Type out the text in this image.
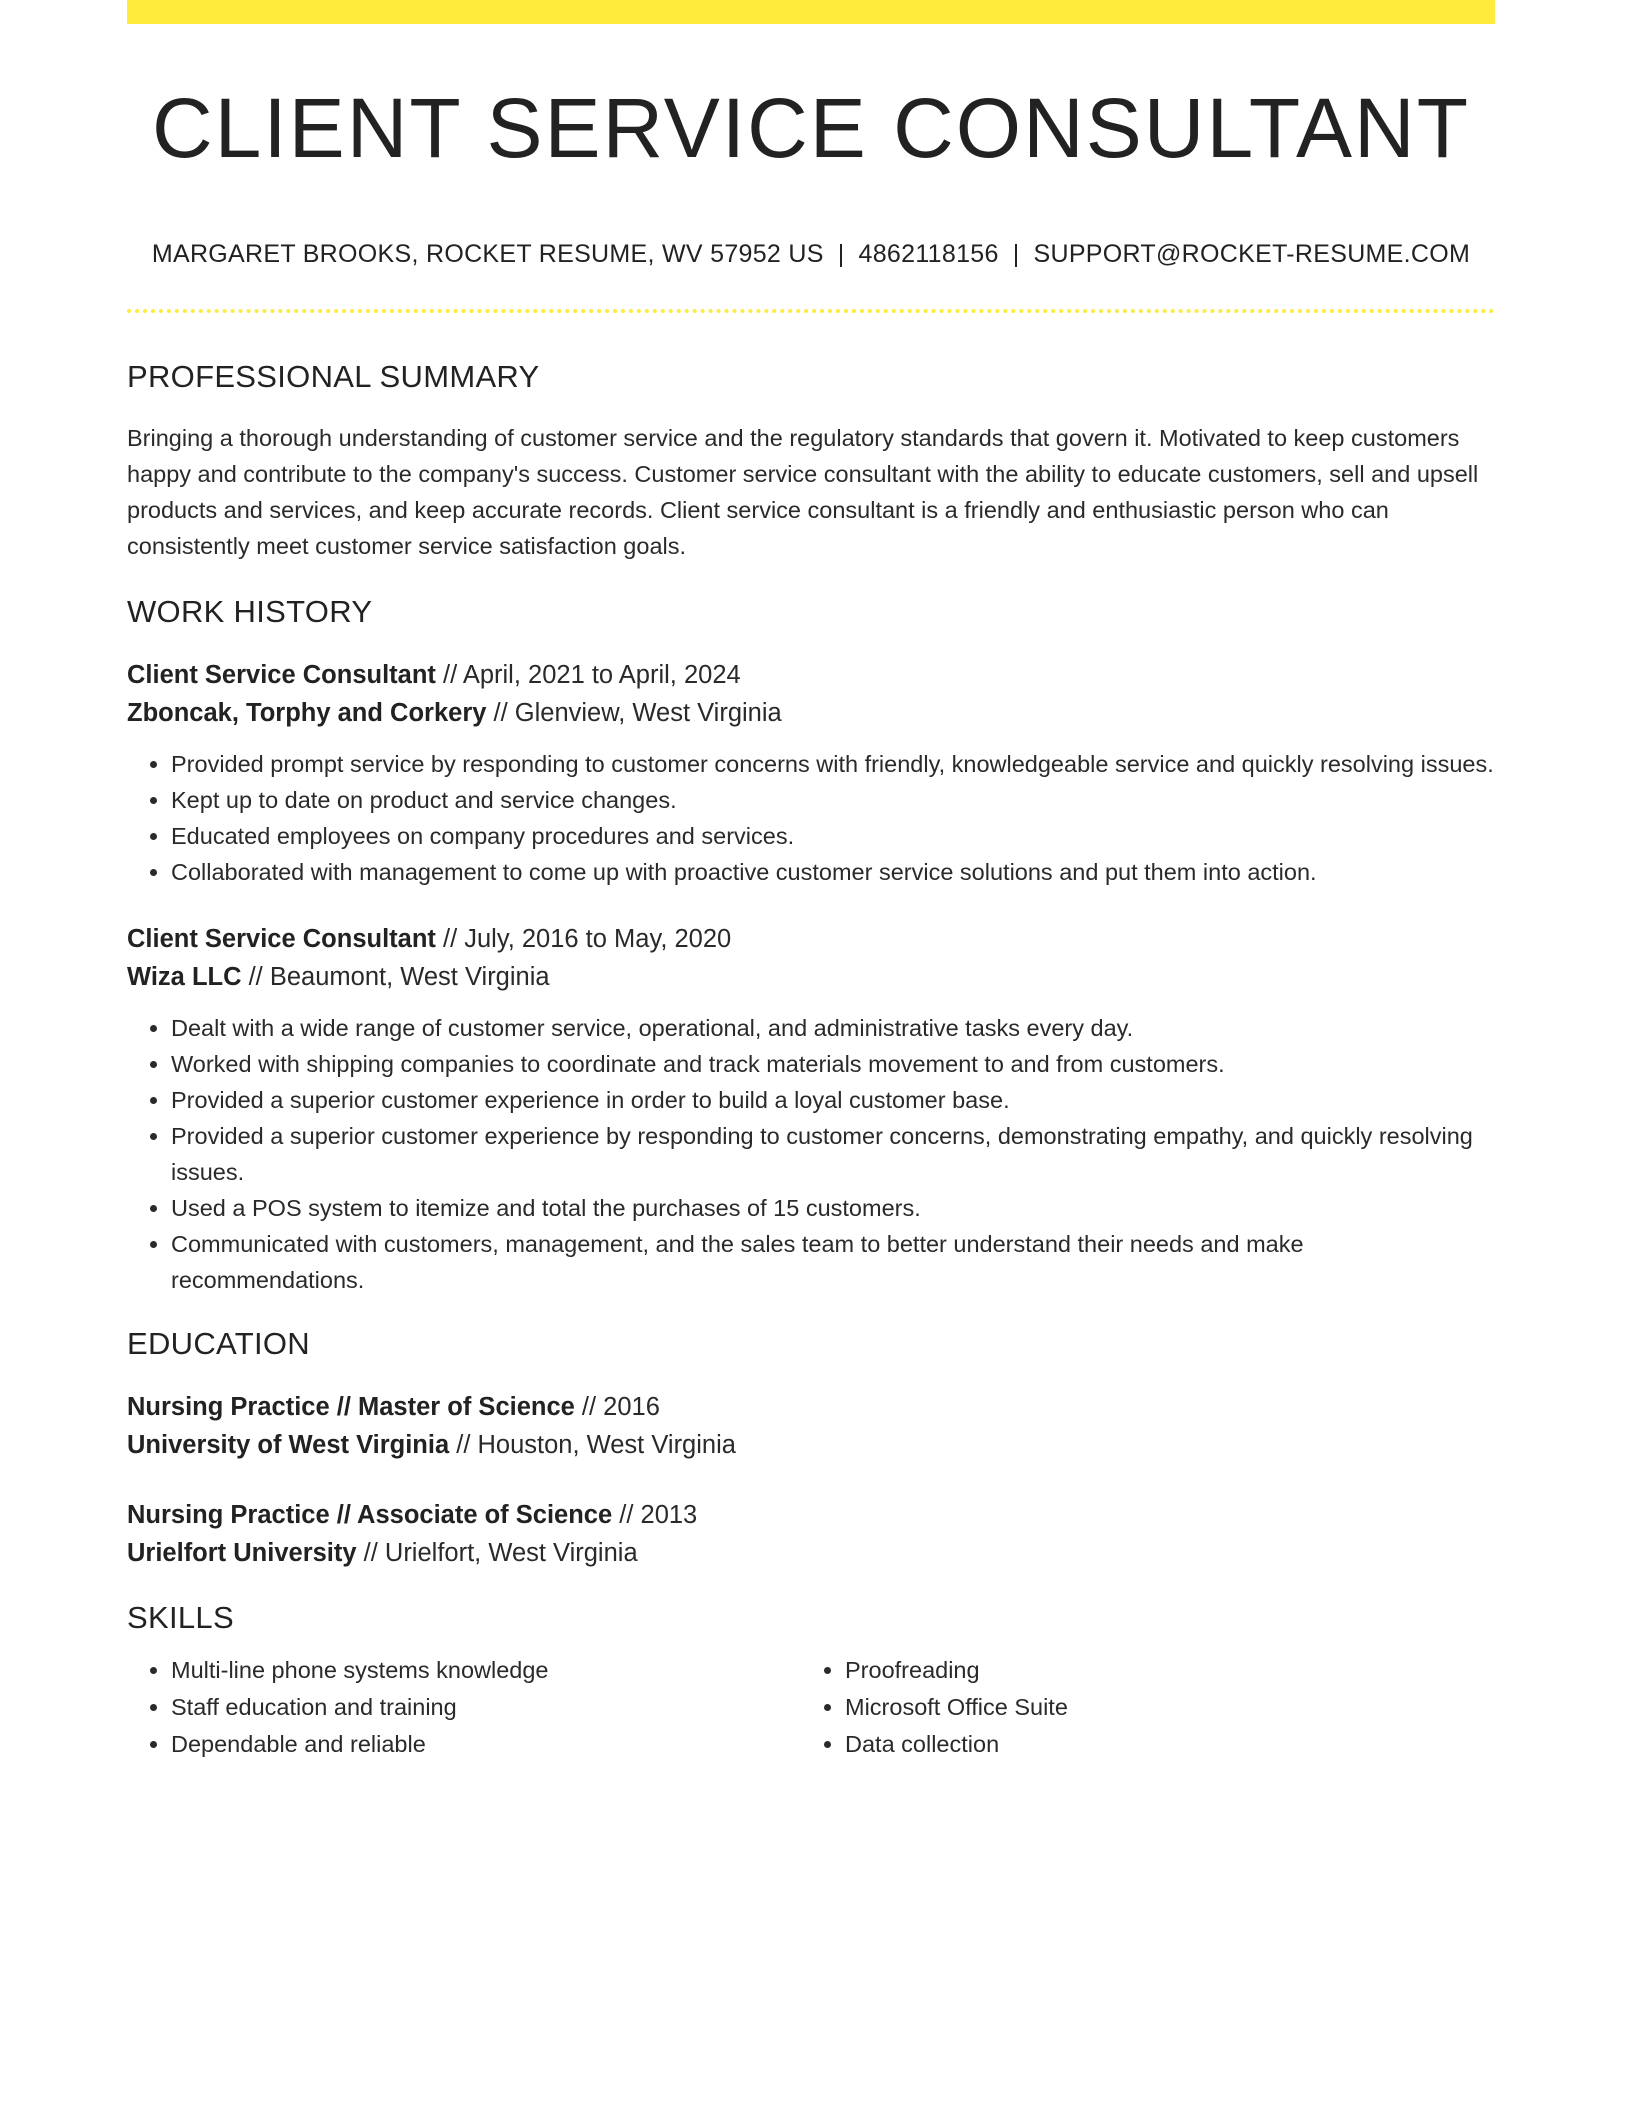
CLIENT SERVICE CONSULTANT
MARGARET BROOKS, ROCKET RESUME, WV 57952 US | 4862118156 | SUPPORT@ROCKET-RESUME.COM
PROFESSIONAL SUMMARY

Bringing a thorough understanding of customer service and the regulatory standards that govern it. Motivated to keep customers happy and contribute to the company's success. Customer service consultant with the ability to educate customers, sell and upsell products and services, and keep accurate records. Client service consultant is a friendly and enthusiastic person who can consistently meet customer service satisfaction goals.

WORK HISTORY
Client Service Consultant // April, 2021 to April, 2024
Zboncak, Torphy and Corkery // Glenview, West Virginia
• Provided prompt service by responding to customer concerns with friendly, knowledgeable service and quickly resolving issues.
• Kept up to date on product and service changes.
• Educated employees on company procedures and services.
• Collaborated with management to come up with proactive customer service solutions and put them into action.
Client Service Consultant // July, 2016 to May, 2020
Wiza LLC // Beaumont, West Virginia
• Dealt with a wide range of customer service, operational, and administrative tasks every day.
• Worked with shipping companies to coordinate and track materials movement to and from customers.
• Provided a superior customer experience in order to build a loyal customer base.
• Provided a superior customer experience by responding to customer concerns, demonstrating empathy, and quickly resolving issues.
• Used a POS system to itemize and total the purchases of 15 customers.
• Communicated with customers, management, and the sales team to better understand their needs and make recommendations.
EDUCATION
Nursing Practice // Master of Science // 2016
University of West Virginia // Houston, West Virginia
Nursing Practice // Associate of Science // 2013
Urielfort University // Urielfort, West Virginia
SKILLS
• Multi-line phone systems knowledge
• Staff education and training
• Dependable and reliable
• Proofreading
• Microsoft Office Suite
• Data collection
